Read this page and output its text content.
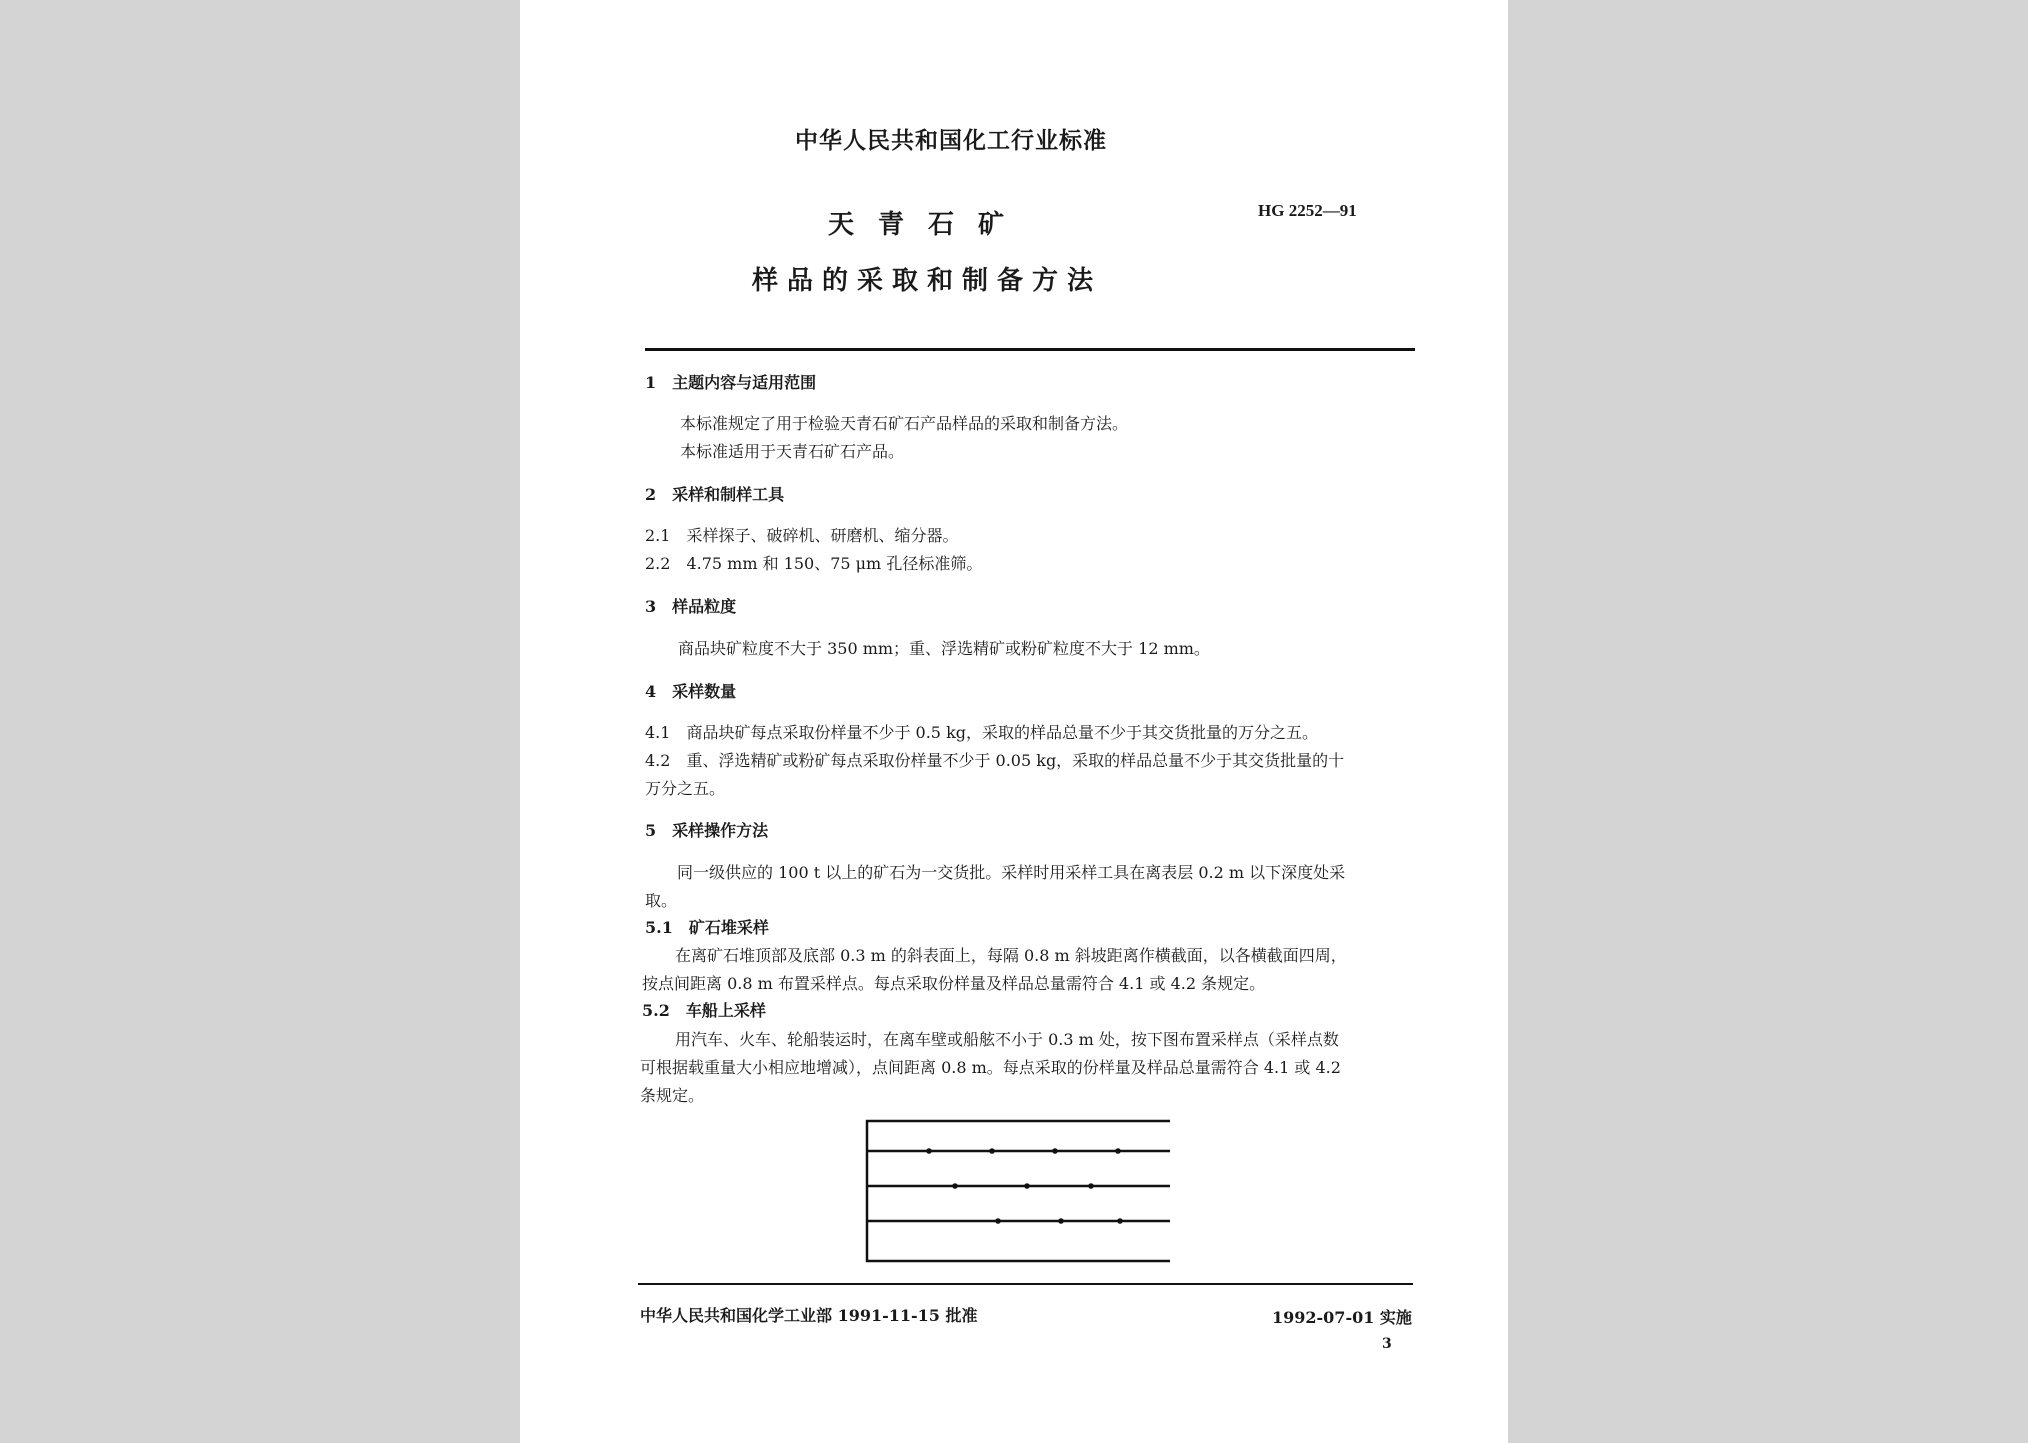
中华人民共和国化工行业标准
天青石矿	HG 2252—91
样品的采取和制备方法
1　主题内容与适用范围
本标准规定了用于检验天青石矿石产品样品的采取和制备方法。
本标准适用于天青石矿石产品。
2　采样和制样工具
2.1　采样探子、破碎机、研磨机、缩分器。
2.2　4.75 mm 和 150、75 μm 孔径标准筛。
3　样品粒度
商品块矿粒度不大于 350 mm；重、浮选精矿或粉矿粒度不大于 12 mm。
4　采样数量
4.1　商品块矿每点采取份样量不少于 0.5 kg，采取的样品总量不少于其交货批量的万分之五。
4.2　重、浮选精矿或粉矿每点采取份样量不少于 0.05 kg，采取的样品总量不少于其交货批量的十
万分之五。
5　采样操作方法
同一级供应的 100 t 以上的矿石为一交货批。采样时用采样工具在离表层 0.2 m 以下深度处采
取。
5.1　矿石堆采样
在离矿石堆顶部及底部 0.3 m 的斜表面上，每隔 0.8 m 斜坡距离作横截面，以各横截面四周，
按点间距离 0.8 m 布置采样点。每点采取份样量及样品总量需符合 4.1 或 4.2 条规定。
5.2　车船上采样
用汽车、火车、轮船装运时，在离车壁或船舷不小于 0.3 m 处，按下图布置采样点（采样点数
可根据载重量大小相应地增减），点间距离 0.8 m。每点采取的份样量及样品总量需符合 4.1 或 4.2
条规定。
中华人民共和国化学工业部 1991-11-15 批准	1992-07-01 实施
3
